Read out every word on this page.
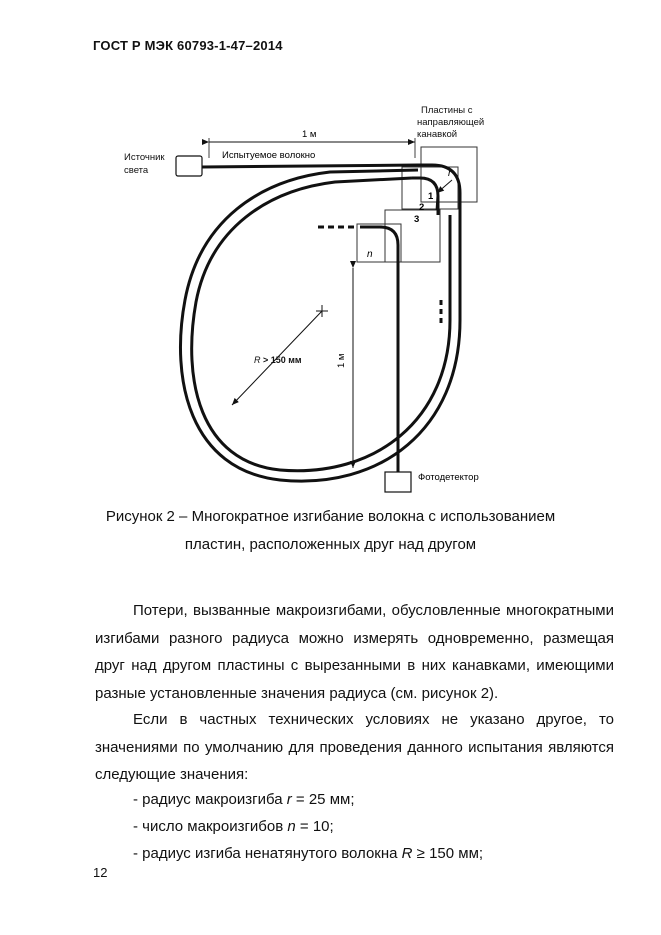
ГОСТ Р МЭК 60793-1-47–2014
Пластины с направляющей канавкой
1 м
Источник света
Испытуемое волокно
r
1
2
3
n
R > 150 мм	1 м
Фотодетектор
Рисунок 2 – Многократное изгибание волокна с использованием
пластин, расположенных друг над другом
Потери, вызванные макроизгибами, обусловленные многократными изгибами разного радиуса можно измерять одновременно, размещая друг над другом пластины с вырезанными в них канавками, имеющими разные установленные значения радиуса (см. рисунок 2).
Если в частных технических условиях не указано другое, то значениями по умолчанию для проведения данного испытания являются следующие значения:
- радиус макроизгиба r = 25 мм;
- число макроизгибов n = 10;
- радиус изгиба ненатянутого волокна R ≥ 150 мм;
12
